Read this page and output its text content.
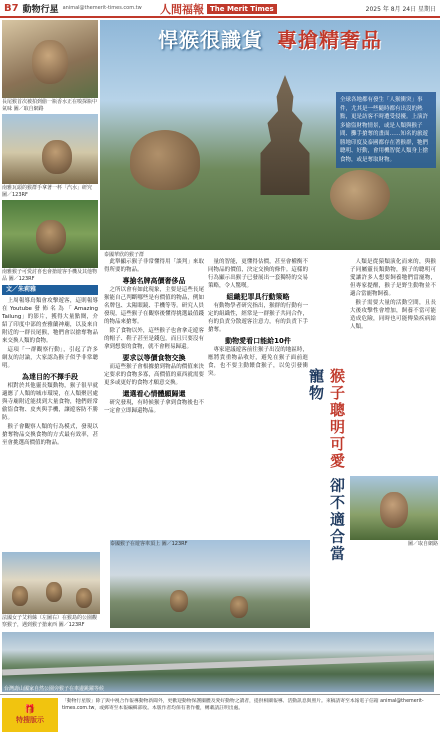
B7 動物行星 animal@themerit-times.com.tw 人間福報 The Merit Times	2025 年 8月 24日 星期日
悍猴很識貨 專搶精奢品
全球各地都有發生「人猴衝突」事件，尤其是一些隨時都有出沒的熱點，更是訪客不時遭受侵擾。上演許多偷盜財物情景，或是人類與猴子間、攤手搶奪的畫面……知名的旅遊勝地印度及泰國都存在著猴群，牠們聰明、好動，會用機智從人類身上搶食物，或是奪取財物。
泰國華欣的猴子群
長尾猴首次被拍到偷一瓶香水正在嗅探瓶中氣味 圖／取自網路
南雅瓦頭的猴群手拿著一杯「汽水」研究 圖／123RF
南雅猴子可愛討喜也會搶遊客手機及其他物品 圖／123RF
文／朱莉雅

上周報導鳥類會攻擊遊客，這則報導在Youtube發佈名為「Amazing Tailung」的影片，獲得大量點閱，介紹了印度中部的查雅蘭神廟，以及來自附近的一群長尾猴，牠們會以搶奪物品來交換人類的食物。

這項「一群觀察行動」，引起了許多網友的討論，大家認為猴子似乎非常聰明。

為達目的不擇手段

相對於其他靈長類動物，猴子很早就適應了人類的城市環境，在人類聚居處與寺廟附近能找到大量食物，牠們經常偷盜食物、皮夾與手機，讓遊客防不勝防。

猴子會觀察人類的行為模式，發現以搶奪物品交換食物的方式最有效率，甚至會挑選高價值的物品。

此舉顯示猴子非常懂得用「談判」來取得所要的物品。

專搶名牌高價奢侈品

之所以會有如此現象，主要是這些長尾猴能自己判斷哪些是有價值的物品，例如名牌包、太陽眼鏡、手機等等。研究人員發現，這些猴子在觀察後懂得挑選最值錢的物品來搶奪。

除了食物以外，這些猴子也會拿走遊客的帽子、鞋子甚至是錢包，而且只要沒有拿到想要的食物，就不會輕易歸還。

要求以等價食物交換

而這些猴子會根據搶到物品的價值來決定要求的食物多寡，高價值的東西就需要更多或更好的食物才願意交換。

還選看心情體願歸還

研究發現，有時候猴子拿到食物後也不一定會立即歸還物品。

量的智能，更懂得估價，甚至會權衡不同物品的價值，決定交換的條件。這樣的行為顯示出猴子已發展出一套獨特的交易策略，令人驚嘆。

組織犯罪具行動策略

有動物學者研究指出，猴群的行動有一定的組織性，經常是一群猴子共同合作，有的負責分散遊客注意力，有的負責下手搶奪。

動物愛看口能給10件

專家建議遊客前往猴子出沒的地區時，應將貴重物品收好，避免在猴子面前進食，也不要主動餵食猴子，以免引發衝突。	猴子聰明可愛 卻不適合當寵物

人類是從猿類演化而來的，與猴子同屬靈長類動物，猴子的聰明可愛讓許多人想要飼養牠們當寵物，但專家提醒，猴子是野生動物並不適合當寵物飼養。

猴子需要大量的活動空間，且長大後攻擊性會增加，飼養不當可能造成危險，同時也可能傳染疾病給人類。

圖／取自網路
法國女子艾莉絲（左圖右）在猴島的公園觀察猴子，遇到猴子搶東西 圖／123RF
泰國猴子在遊客車頂上 圖／123RF
台灣壽山國家自然公園旁猴子在車邊跳躍等候
🎁
特搜版示
「動物行星版」除了與中視合作報導動物新聞外，更歡迎動物保護團體及愛好動物之讀者，提供相關報導、活動訊息與照片。來稿請寄至本報電子信箱 animal@themerit-times.com.tw，或郵寄至本報編輯部收。本版作者均保有著作權，轉載請註明出處。
